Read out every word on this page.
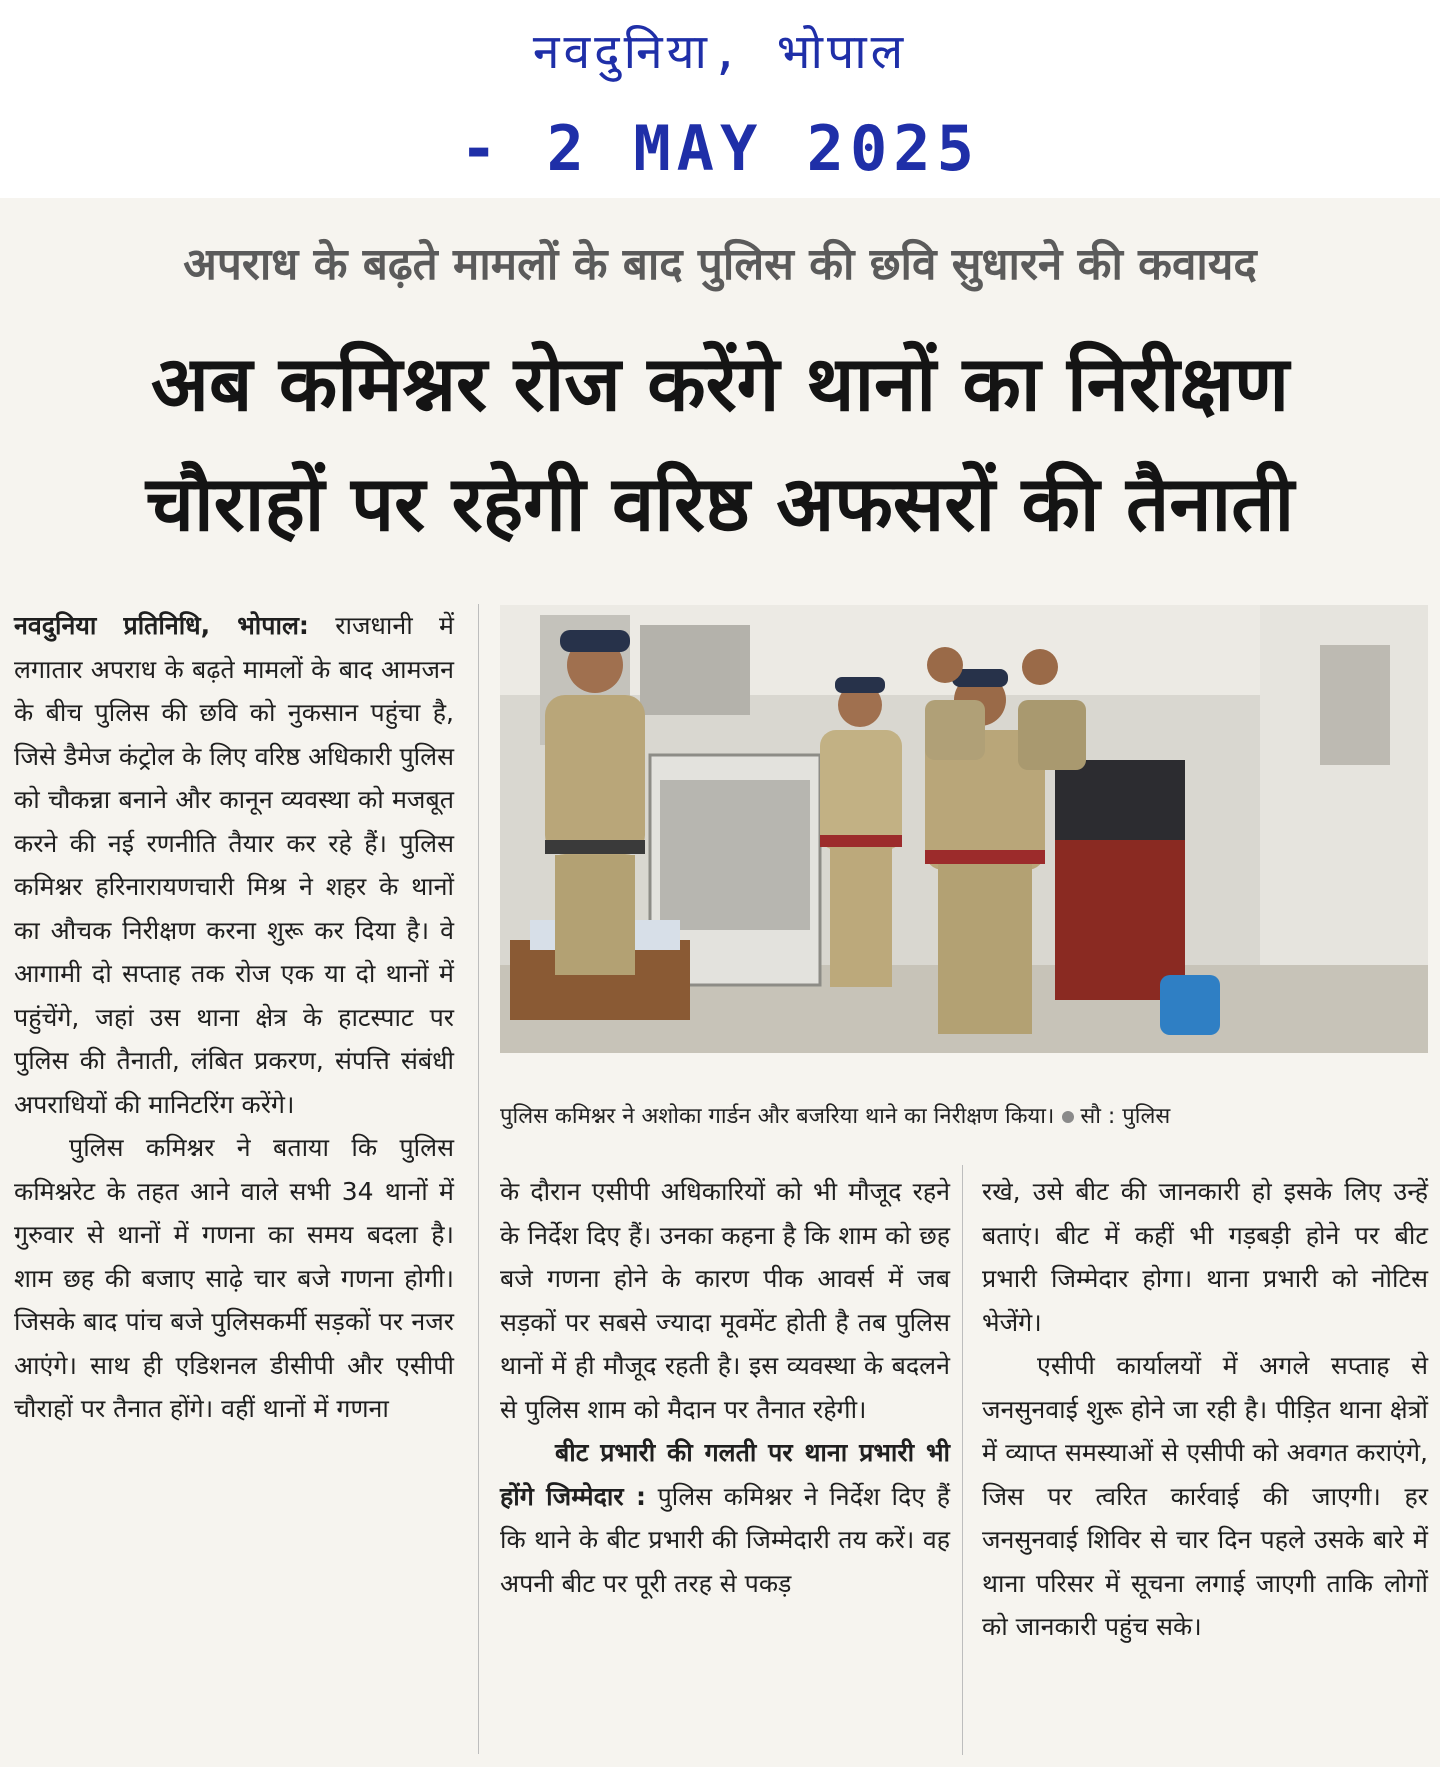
नवदुनिया, भोपाल
- 2 MAY 2025
अपराध के बढ़ते मामलों के बाद पुलिस की छवि सुधारने की कवायद
अब कमिश्नर रोज करेंगे थानों का निरीक्षण
चौराहों पर रहेगी वरिष्ठ अफसरों की तैनाती

नवदुनिया प्रतिनिधि, भोपाल: राजधानी में लगातार अपराध के बढ़ते मामलों के बाद आमजन के बीच पुलिस की छवि को नुकसान पहुंचा है, जिसे डैमेज कंट्रोल के लिए वरिष्ठ अधिकारी पुलिस को चौकन्ना बनाने और कानून व्यवस्था को मजबूत करने की नई रणनीति तैयार कर रहे हैं। पुलिस कमिश्नर हरिनारायणचारी मिश्र ने शहर के थानों का औचक निरीक्षण करना शुरू कर दिया है। वे आगामी दो सप्ताह तक रोज एक या दो थानों में पहुंचेंगे, जहां उस थाना क्षेत्र के हाटस्पाट पर पुलिस की तैनाती, लंबित प्रकरण, संपत्ति संबंधी अपराधियों की मानिटरिंग करेंगे।

पुलिस कमिश्नर ने बताया कि पुलिस कमिश्नरेट के तहत आने वाले सभी 34 थानों में गुरुवार से थानों में गणना का समय बदला है। शाम छह की बजाए साढ़े चार बजे गणना होगी। जिसके बाद पांच बजे पुलिसकर्मी सड़कों पर नजर आएंगे। साथ ही एडिशनल डीसीपी और एसीपी चौराहों पर तैनात होंगे। वहीं थानों में गणना

पुलिस कमिश्नर ने अशोका गार्डन और बजरिया थाने का निरीक्षण किया। सौ : पुलिस

के दौरान एसीपी अधिकारियों को भी मौजूद रहने के निर्देश दिए हैं। उनका कहना है कि शाम को छह बजे गणना होने के कारण पीक आवर्स में जब सड़कों पर सबसे ज्यादा मूवमेंट होती है तब पुलिस थानों में ही मौजूद रहती है। इस व्यवस्था के बदलने से पुलिस शाम को मैदान पर तैनात रहेगी।

बीट प्रभारी की गलती पर थाना प्रभारी भी होंगे जिम्मेदार : पुलिस कमिश्नर ने निर्देश दिए हैं कि थाने के बीट प्रभारी की जिम्मेदारी तय करें। वह अपनी बीट पर पूरी तरह से पकड़

रखे, उसे बीट की जानकारी हो इसके लिए उन्हें बताएं। बीट में कहीं भी गड़बड़ी होने पर बीट प्रभारी जिम्मेदार होगा। थाना प्रभारी को नोटिस भेजेंगे।

एसीपी कार्यालयों में अगले सप्ताह से जनसुनवाई शुरू होने जा रही है। पीड़ित थाना क्षेत्रों में व्याप्त समस्याओं से एसीपी को अवगत कराएंगे, जिस पर त्वरित कार्रवाई की जाएगी। हर जनसुनवाई शिविर से चार दिन पहले उसके बारे में थाना परिसर में सूचना लगाई जाएगी ताकि लोगों को जानकारी पहुंच सके।
